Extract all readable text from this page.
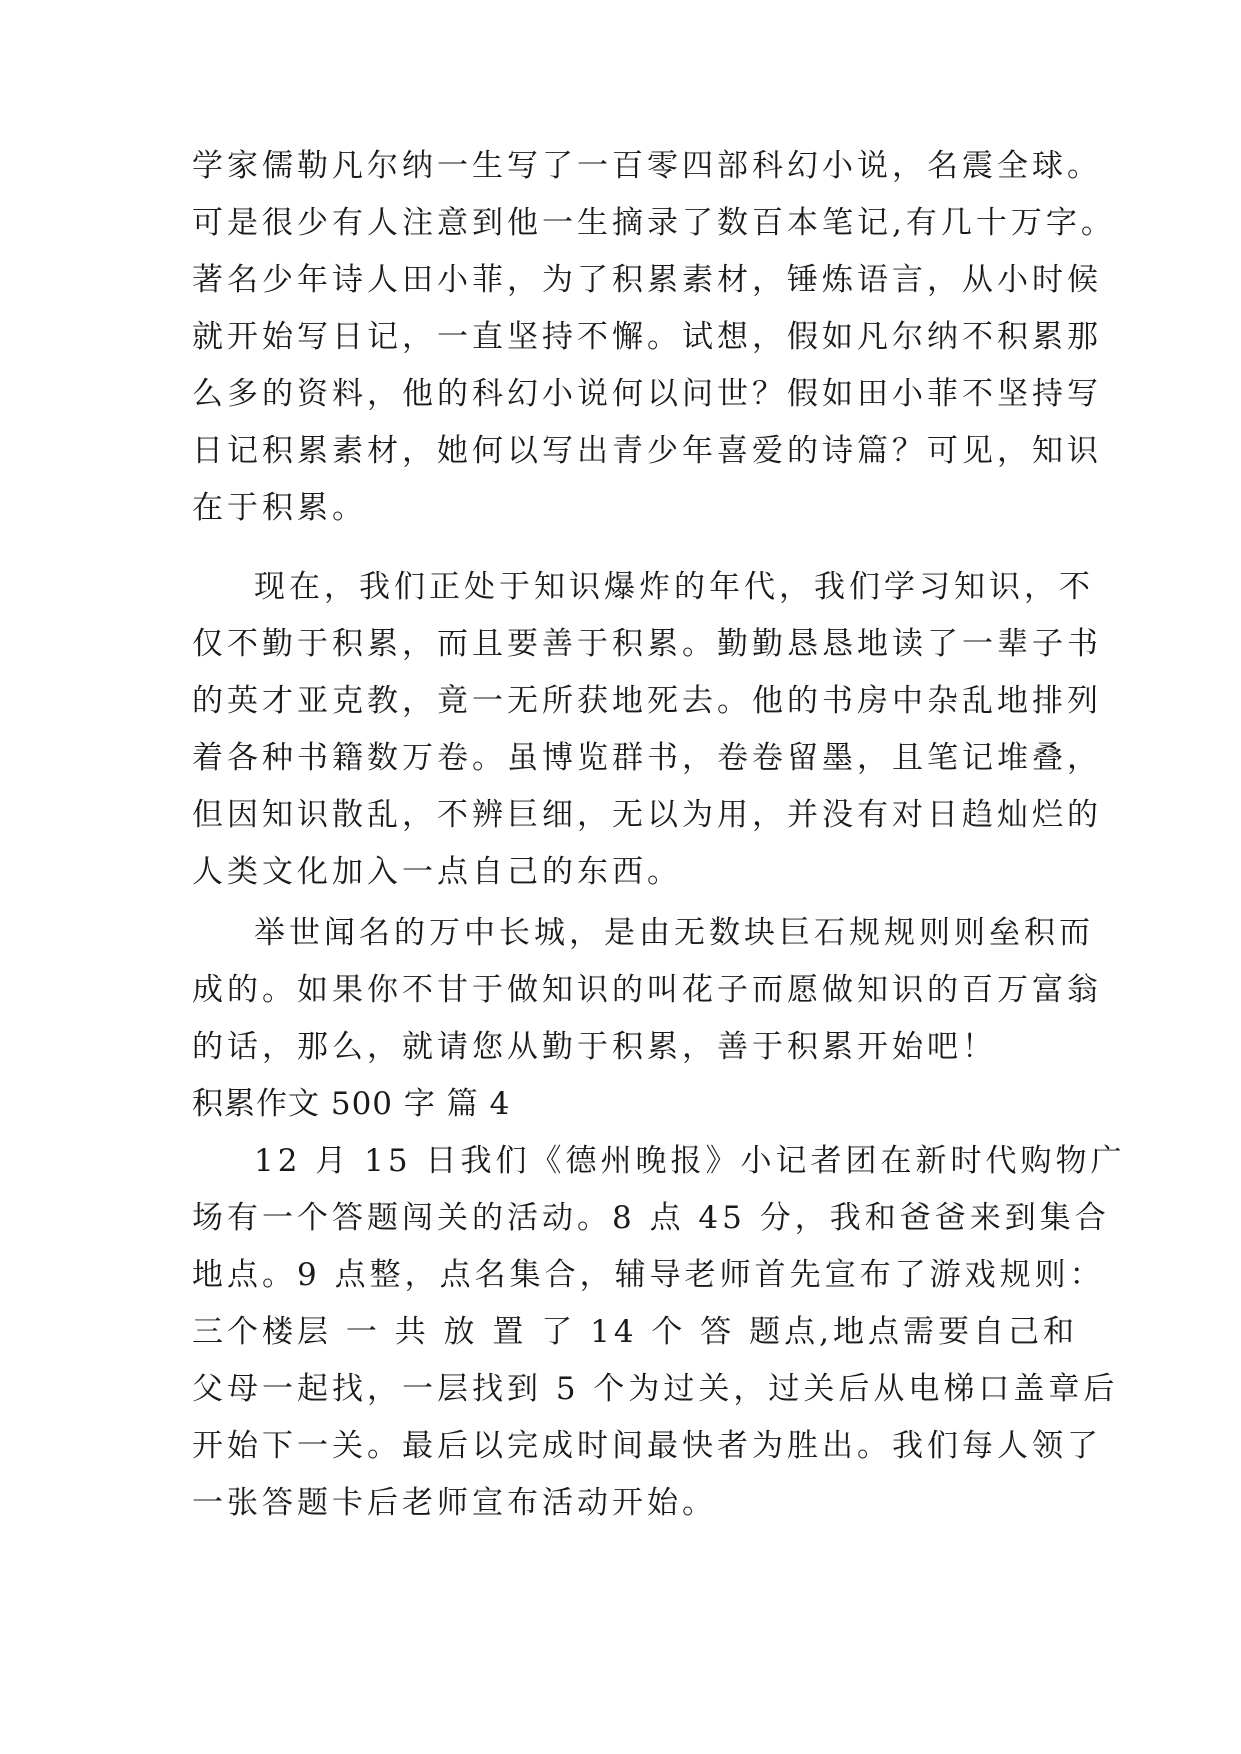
学家儒勒凡尔纳一生写了一百零四部科幻小说，名震全球。
可是很少有人注意到他一生摘录了数百本笔记,有几十万字。
著名少年诗人田小菲，为了积累素材，锤炼语言，从小时候
就开始写日记，一直坚持不懈。试想，假如凡尔纳不积累那
么多的资料，他的科幻小说何以问世？假如田小菲不坚持写
日记积累素材，她何以写出青少年喜爱的诗篇？可见，知识
在于积累。
现在，我们正处于知识爆炸的年代，我们学习知识，不
仅不勤于积累，而且要善于积累。勤勤恳恳地读了一辈子书
的英才亚克教，竟一无所获地死去。他的书房中杂乱地排列
着各种书籍数万卷。虽博览群书，卷卷留墨，且笔记堆叠，
但因知识散乱，不辨巨细，无以为用，并没有对日趋灿烂的
人类文化加入一点自己的东西。
举世闻名的万中长城，是由无数块巨石规规则则垒积而
成的。如果你不甘于做知识的叫花子而愿做知识的百万富翁
的话，那么，就请您从勤于积累，善于积累开始吧！
积累作文 500 字 篇 4
12 月 15 日我们《德州晚报》小记者团在新时代购物广
场有一个答题闯关的活动。8 点 45 分，我和爸爸来到集合
地点。9 点整，点名集合，辅导老师首先宣布了游戏规则：
三个楼层 一 共 放 置 了 14 个 答 题点,地点需要自己和
父母一起找，一层找到 5 个为过关，过关后从电梯口盖章后
开始下一关。最后以完成时间最快者为胜出。我们每人领了
一张答题卡后老师宣布活动开始。
